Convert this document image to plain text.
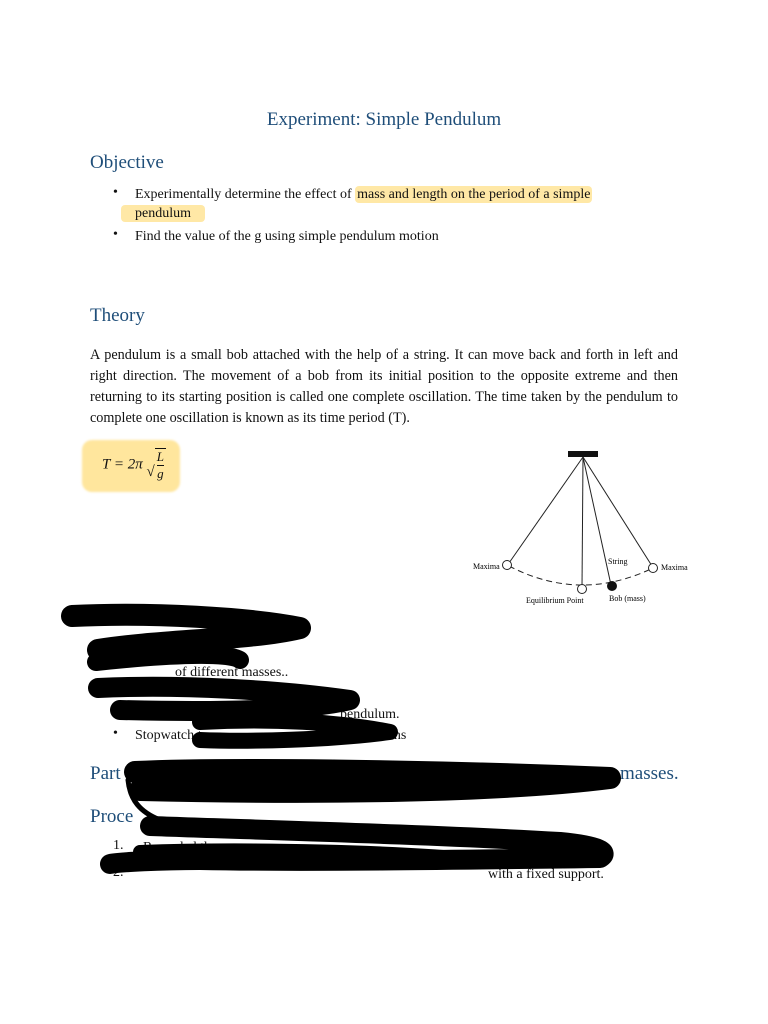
Experiment: Simple Pendulum
Objective
• Experimentally determine the effect of mass and length on the period of a simple
pendulum
• Find the value of the g using simple pendulum motion
Theory
A pendulum is a small bob attached with the help of a string. It can move back and forth in left and right direction. The movement of a bob from its initial position to the opposite extreme and then returning to its starting position is called one complete oscillation. The time taken by the pendulum to complete one oscillation is known as its time period (T).
T = 2π √ $\frac{L}{g}$
Maxima	Maxima
String
Equilibrium Point	Bob (mass)
of different masses..
•	pendulum.
• Stopwatch to	ions
Part	t masses.
Proce
1. Recorded the
2.	with a fixed support.
